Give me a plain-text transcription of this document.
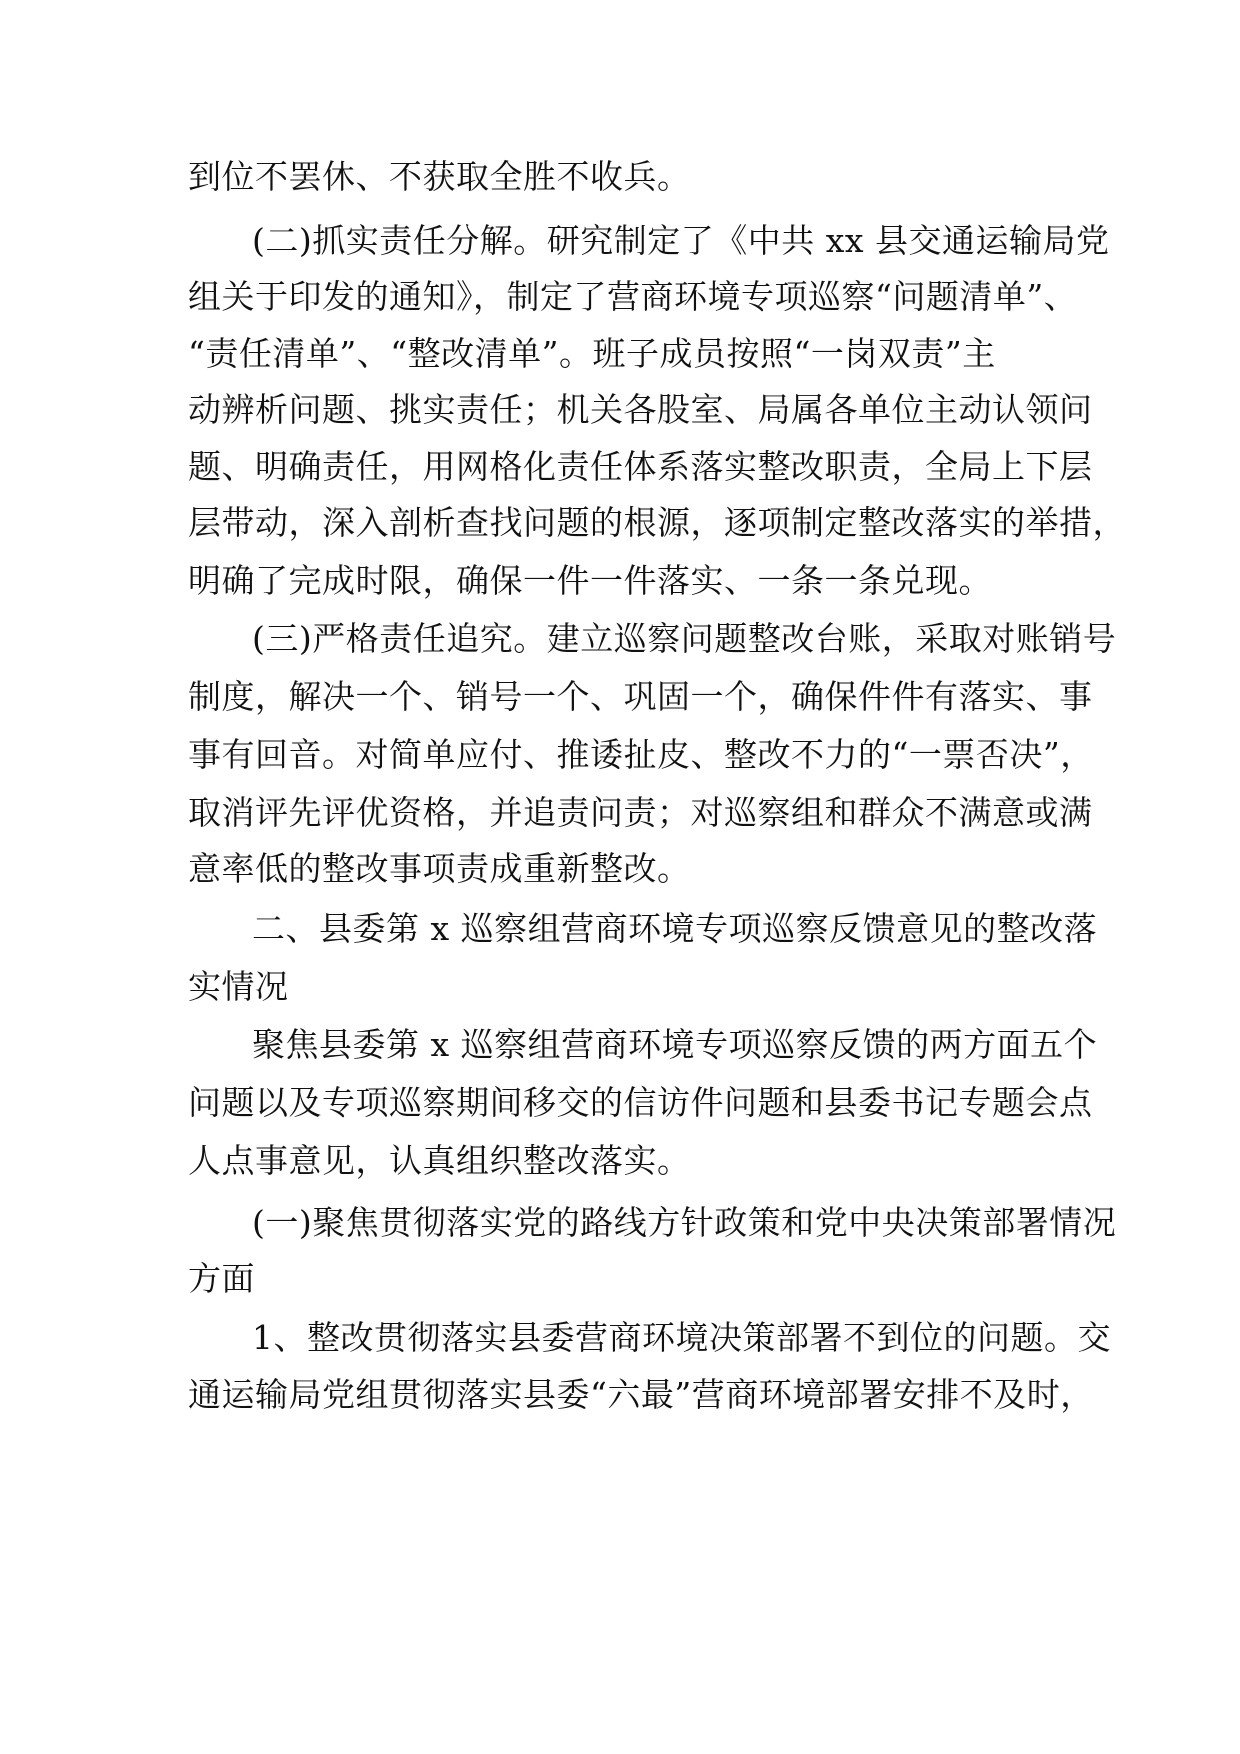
到位不罢休、不获取全胜不收兵。
(二)抓实责任分解。研究制定了《中共 xx 县交通运输局党
组关于印发的通知》，制定了营商环境专项巡察“问题清单”、
“责任清单”、“整改清单”。班子成员按照“一岗双责”主
动辨析问题、挑实责任；机关各股室、局属各单位主动认领问
题、明确责任，用网格化责任体系落实整改职责，全局上下层
层带动，深入剖析查找问题的根源，逐项制定整改落实的举措，
明确了完成时限，确保一件一件落实、一条一条兑现。
(三)严格责任追究。建立巡察问题整改台账，采取对账销号
制度，解决一个、销号一个、巩固一个，确保件件有落实、事
事有回音。对简单应付、推诿扯皮、整改不力的“一票否决”，
取消评先评优资格，并追责问责；对巡察组和群众不满意或满
意率低的整改事项责成重新整改。
二、县委第 x 巡察组营商环境专项巡察反馈意见的整改落
实情况
聚焦县委第 x 巡察组营商环境专项巡察反馈的两方面五个
问题以及专项巡察期间移交的信访件问题和县委书记专题会点
人点事意见，认真组织整改落实。
(一)聚焦贯彻落实党的路线方针政策和党中央决策部署情况
方面
1、整改贯彻落实县委营商环境决策部署不到位的问题。交
通运输局党组贯彻落实县委“六最”营商环境部署安排不及时，
